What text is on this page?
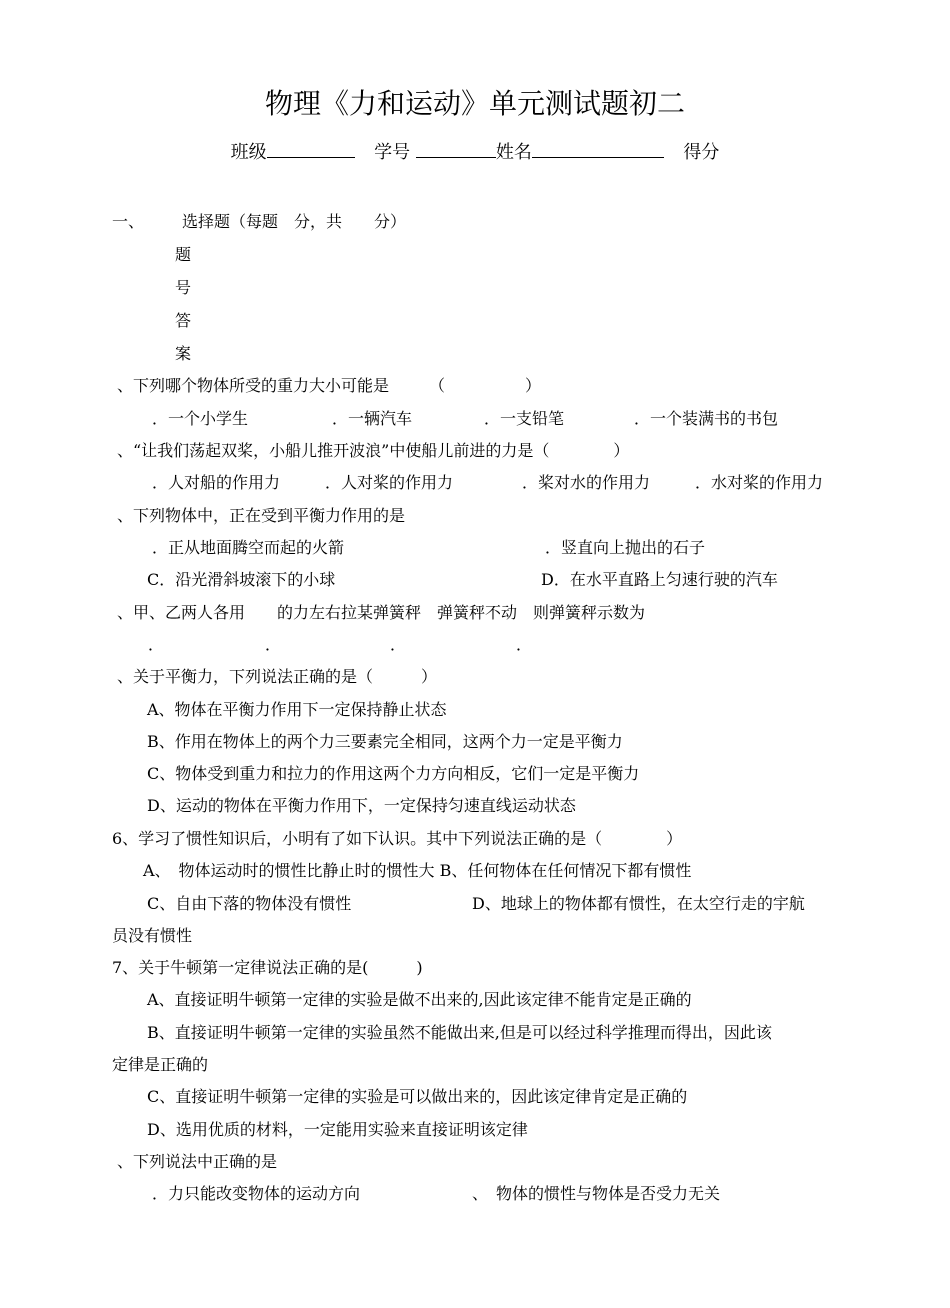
物理《力和运动》单元测试题初二
班级	学号	姓名	得分
一、 选择题（每题　分，共　　分）
题
号
答
案
、下列哪个物体所受的重力大小可能是　　　（　　　　　）
．一个小学生	．一辆汽车	．一支铅笔	．一个装满书的书包
、“让我们荡起双桨，小船儿推开波浪”中使船儿前进的力是（　　　　）
．人对船的作用力	．人对桨的作用力	．桨对水的作用力	．水对桨的作用力
、下列物体中，正在受到平衡力作用的是
．正从地面腾空而起的火箭	．竖直向上抛出的石子
C．沿光滑斜坡滚下的小球	D．在水平直路上匀速行驶的汽车
、甲、乙两人各用　　的力左右拉某弹簧秤　弹簧秤不动　则弹簧秤示数为
．	．	．	．
、关于平衡力，下列说法正确的是（　　　）
A、物体在平衡力作用下一定保持静止状态
B、作用在物体上的两个力三要素完全相同，这两个力一定是平衡力
C、物体受到重力和拉力的作用这两个力方向相反，它们一定是平衡力
D、运动的物体在平衡力作用下，一定保持匀速直线运动状态
6、学习了惯性知识后，小明有了如下认识。其中下列说法正确的是（　　　　）
A、　物体运动时的惯性比静止时的惯性大 B、任何物体在任何情况下都有惯性
C、自由下落的物体没有惯性	D、地球上的物体都有惯性，在太空行走的宇航
员没有惯性
7、关于牛顿第一定律说法正确的是(　　　)
A、直接证明牛顿第一定律的实验是做不出来的,因此该定律不能肯定是正确的
B、直接证明牛顿第一定律的实验虽然不能做出来,但是可以经过科学推理而得出，因此该
定律是正确的
C、直接证明牛顿第一定律的实验是可以做出来的，因此该定律肯定是正确的
D、选用优质的材料，一定能用实验来直接证明该定律
、下列说法中正确的是
．力只能改变物体的运动方向	、　物体的惯性与物体是否受力无关
